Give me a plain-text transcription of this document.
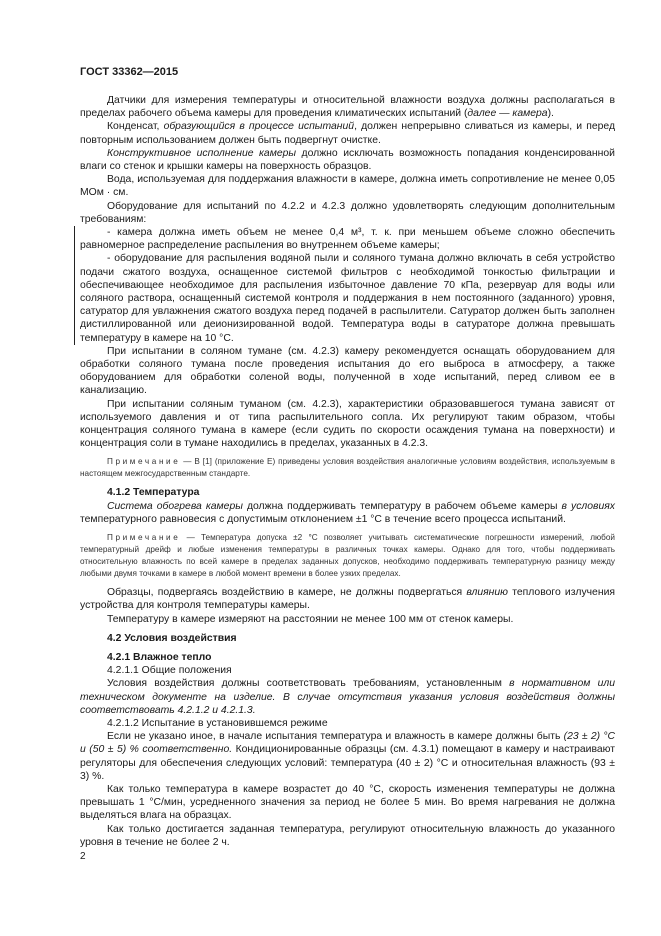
ГОСТ 33362—2015

Датчики для измерения температуры и относительной влажности воздуха должны располагаться в пределах рабочего объема камеры для проведения климатических испытаний (далее — камера).

Конденсат, образующийся в процессе испытаний, должен непрерывно сливаться из камеры, и перед повторным использованием должен быть подвергнут очистке.

Конструктивное исполнение камеры должно исключать возможность попадания конденсированной влаги со стенок и крышки камеры на поверхность образцов.

Вода, используемая для поддержания влажности в камере, должна иметь сопротивление не менее 0,05 МОм · см.

Оборудование для испытаний по 4.2.2 и 4.2.3 должно удовлетворять следующим дополнительным требованиям:

- камера должна иметь объем не менее 0,4 м³, т. к. при меньшем объеме сложно обеспечить равномерное распределение распыления во внутреннем объеме камеры;

- оборудование для распыления водяной пыли и соляного тумана должно включать в себя устройство подачи сжатого воздуха, оснащенное системой фильтров с необходимой тонкостью фильтрации и обеспечивающее необходимое для распыления избыточное давление 70 кПа, резервуар для воды или соляного раствора, оснащенный системой контроля и поддержания в нем постоянного (заданного) уровня, сатуратор для увлажнения сжатого воздуха перед подачей в распылители. Сатуратор должен быть заполнен дистиллированной или деионизированной водой. Температура воды в сатураторе должна превышать температуру в камере на 10 °С.

При испытании в соляном тумане (см. 4.2.3) камеру рекомендуется оснащать оборудованием для обработки соляного тумана после проведения испытания до его выброса в атмосферу, а также оборудованием для обработки соленой воды, полученной в ходе испытаний, перед сливом ее в канализацию.

При испытании соляным туманом (см. 4.2.3), характеристики образовавшегося тумана зависят от используемого давления и от типа распылительного сопла. Их регулируют таким образом, чтобы концентрация соляного тумана в камере (если судить по скорости осаждения тумана на поверхности) и концентрация соли в тумане находились в пределах, указанных в 4.2.3.

Примечание — В [1] (приложение Е) приведены условия воздействия аналогичные условиям воздействия, используемым в настоящем межгосударственным стандарте.

4.1.2 Температура

Система обогрева камеры должна поддерживать температуру в рабочем объеме камеры в условиях температурного равновесия с допустимым отклонением ±1 °С в течение всего процесса испытаний.

Примечание — Температура допуска ±2 °С позволяет учитывать систематические погрешности измерений, любой температурный дрейф и любые изменения температуры в различных точках камеры. Однако для того, чтобы поддерживать относительную влажность по всей камере в пределах заданных допусков, необходимо поддерживать температурную разницу между любыми двумя точками в камере в любой момент времени в более узких пределах.

Образцы, подвергаясь воздействию в камере, не должны подвергаться влиянию теплового излучения устройства для контроля температуры камеры.

Температуру в камере измеряют на расстоянии не менее 100 мм от стенок камеры.

4.2 Условия воздействия

4.2.1 Влажное тепло

4.2.1.1 Общие положения

Условия воздействия должны соответствовать требованиям, установленным в нормативном или техническом документе на изделие. В случае отсутствия указания условия воздействия должны соответствовать 4.2.1.2 и 4.2.1.3.

4.2.1.2 Испытание в установившемся режиме

Если не указано иное, в начале испытания температура и влажность в камере должны быть (23 ± 2) °С и (50 ± 5) % соответственно. Кондиционированные образцы (см. 4.3.1) помещают в камеру и настраивают регуляторы для обеспечения следующих условий: температура (40 ± 2) °С и относительная влажность (93 ± 3) %.

Как только температура в камере возрастет до 40 °С, скорость изменения температуры не должна превышать 1 °С/мин, усредненного значения за период не более 5 мин. Во время нагревания не должна выделяться влага на образцах.

Как только достигается заданная температура, регулируют относительную влажность до указанного уровня в течение не более 2 ч.

2
